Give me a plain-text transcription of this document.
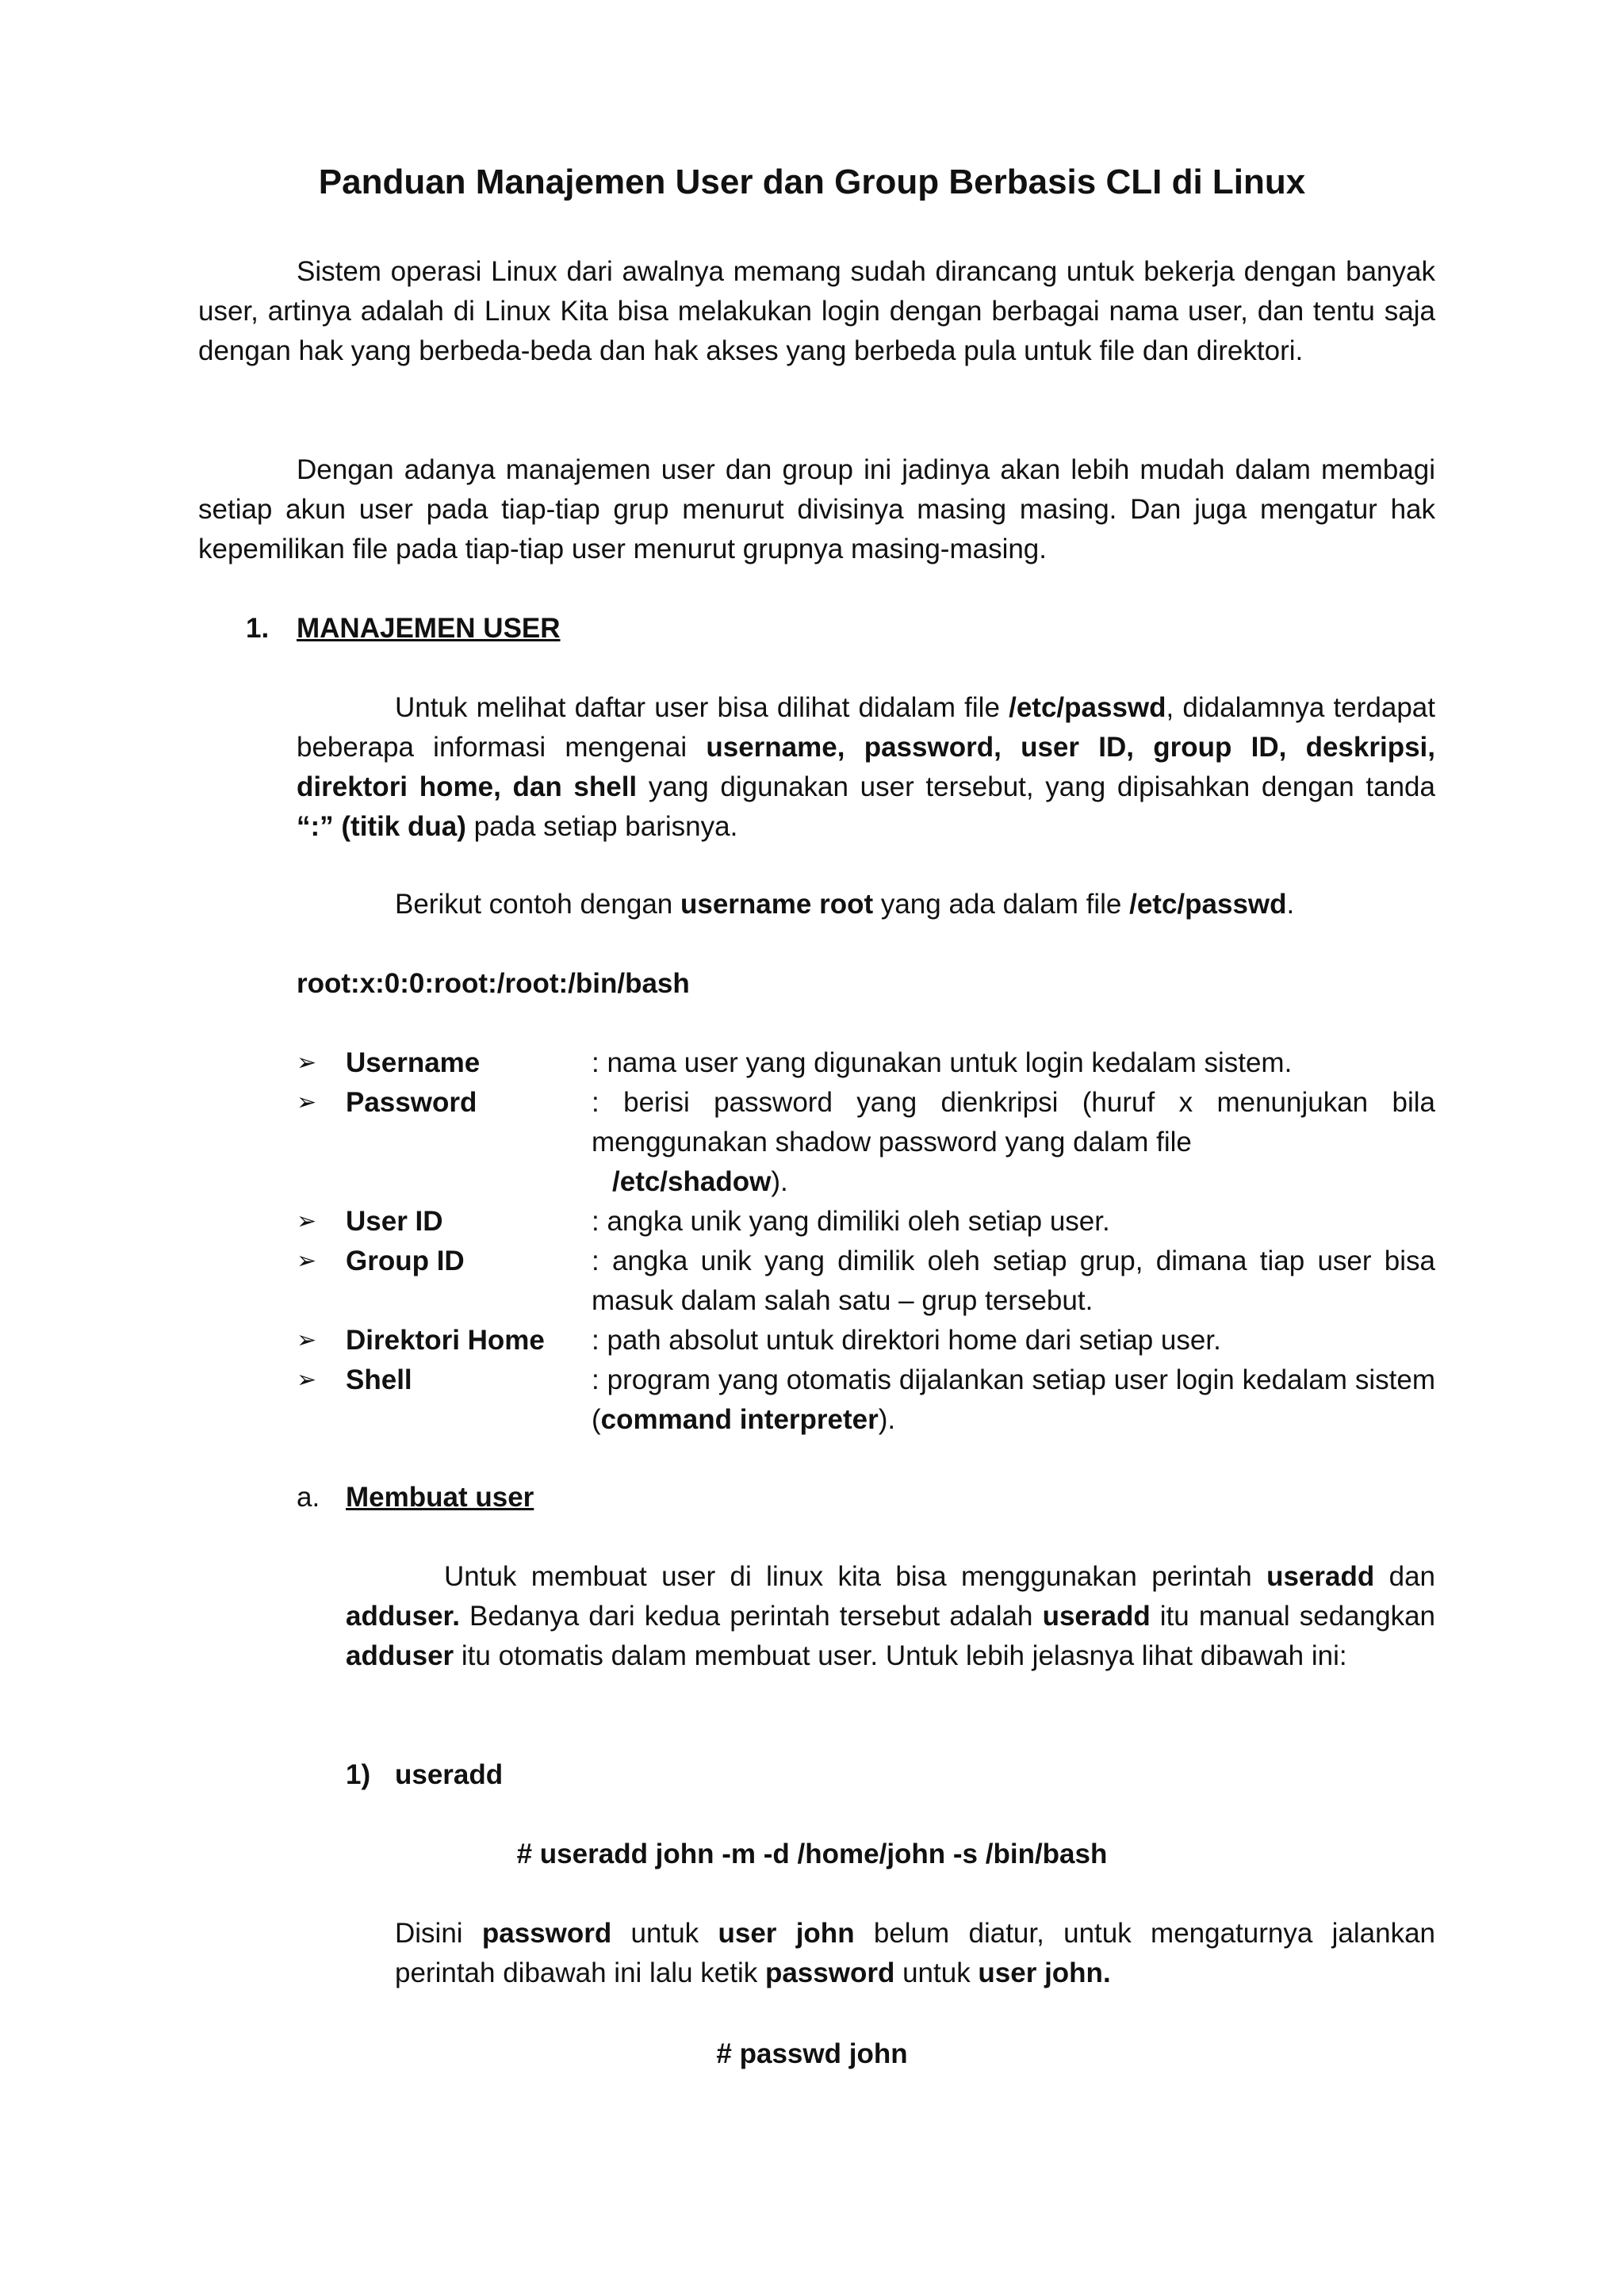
Panduan Manajemen User dan Group Berbasis CLI di Linux

Sistem operasi Linux dari awalnya memang sudah dirancang untuk bekerja dengan banyak user, artinya adalah di Linux Kita bisa melakukan login dengan berbagai nama user, dan tentu saja dengan hak yang berbeda-beda dan hak akses yang berbeda pula untuk file dan direktori.

Dengan adanya manajemen user dan group ini jadinya akan lebih mudah dalam membagi setiap akun user pada tiap-tiap grup menurut divisinya masing masing. Dan juga mengatur hak kepemilikan file pada tiap-tiap user menurut grupnya masing-masing.

1. MANAJEMEN USER

Untuk melihat daftar user bisa dilihat didalam file /etc/passwd, didalamnya terdapat beberapa informasi mengenai username, password, user ID, group ID, deskripsi, direktori home, dan shell yang digunakan user tersebut, yang dipisahkan dengan tanda “:” (titik dua) pada setiap barisnya.

Berikut contoh dengan username root yang ada dalam file /etc/passwd.

root:x:0:0:root:/root:/bin/bash
➢	Username	: nama user yang digunakan untuk login kedalam sistem.
➢	Password	: berisi password yang dienkripsi (huruf x menunjukan bila menggunakan shadow password yang dalam file
/etc/shadow).
➢	User ID	: angka unik yang dimiliki oleh setiap user.
➢	Group ID	: angka unik yang dimilik oleh setiap grup, dimana tiap user bisa masuk dalam salah satu – grup tersebut.
➢	Direktori Home	: path absolut untuk direktori home dari setiap user.
➢	Shell	: program yang otomatis dijalankan setiap user login kedalam sistem (command interpreter).
a. Membuat user

Untuk membuat user di linux kita bisa menggunakan perintah useradd dan adduser. Bedanya dari kedua perintah tersebut adalah useradd itu manual sedangkan adduser itu otomatis dalam membuat user. Untuk lebih jelasnya lihat dibawah ini:

1) useradd
# useradd john -m -d /home/john -s /bin/bash

Disini password untuk user john belum diatur, untuk mengaturnya jalankan perintah dibawah ini lalu ketik password untuk user john.

# passwd john
